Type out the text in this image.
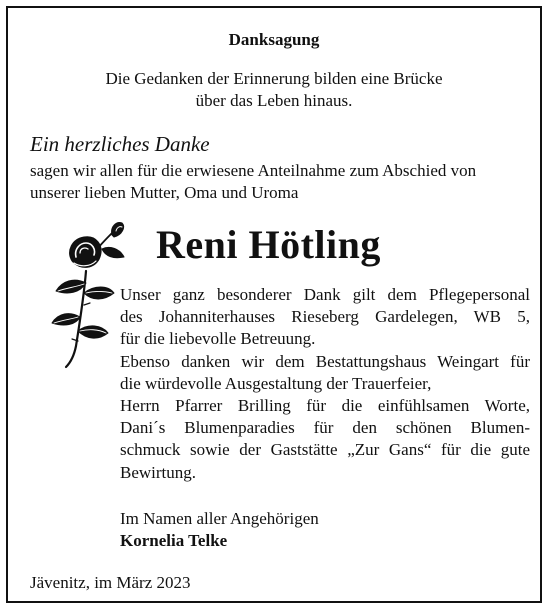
Danksagung
Die Gedanken der Erinnerung bilden eine Brücke
über das Leben hinaus.
Ein herzliches Danke
sagen wir allen für die erwiesene Anteilnahme zum Abschied von
unserer lieben Mutter, Oma und Uroma
Reni Hötling
Unser ganz besonderer Dank gilt dem Pflegepersonal
des Johanniterhauses Rieseberg Gardelegen, WB 5,
für die liebevolle Betreuung.
Ebenso danken wir dem Bestattungshaus Weingart für
die würdevolle Ausgestaltung der Trauerfeier,
Herrn Pfarrer Brilling für die einfühlsamen Worte,
Dani´s Blumenparadies für den schönen Blumen-
schmuck sowie der Gaststätte „Zur Gans“ für die gute
Bewirtung.
Im Namen aller Angehörigen
Kornelia Telke
Jävenitz, im März 2023
